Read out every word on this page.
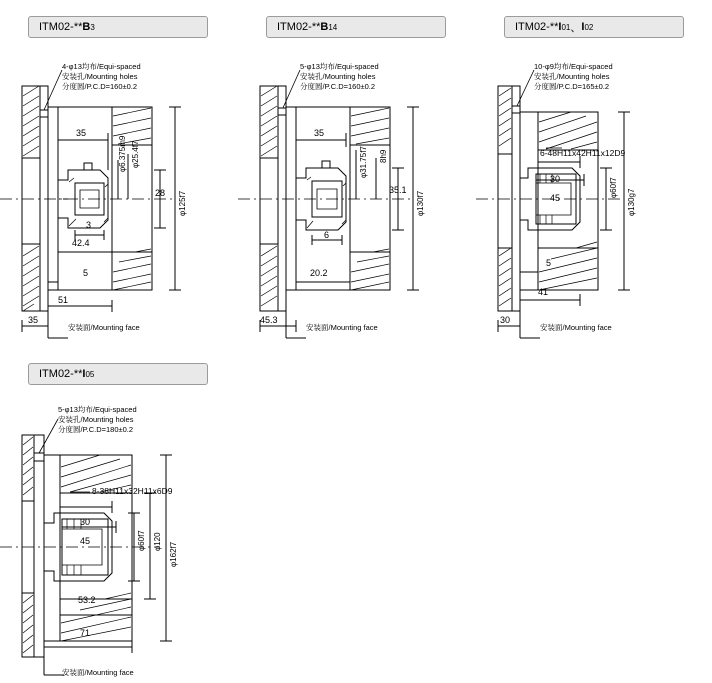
ITM02-** B 3
4-φ13均布/Equi-spaced
安装孔/Mounting holes
分度圆/P.C.D=160±0.2
35
φ6.375m9 φ25.4f7
28 φ125f7
3
42.4
5
51
35
安装面/Mounting face
ITM02-** B 14
5-φ13均布/Equi-spaced
安装孔/Mounting holes
分度圆/P.C.D=160±0.2
35
φ31.75f7 8h9
35.1
φ130f7
6
20.2
45.3
安装面/Mounting face
ITM02-** I 01 、 I 02
10-φ9均布/Equi-spaced
安装孔/Mounting holes
分度圆/P.C.D=165±0.2
6-48H11x42H11x12D9
30
45	φ60f7
φ130g7
5
41
30
安装面/Mounting face
ITM02-** I 05
5-φ13均布/Equi-spaced
安装孔/Mounting holes
分度圆/P.C.D=180±0.2
8-38H11x32H11x6D9
30
45	φ60f7 φ120
φ162f7
53.2
71
安装面/Mounting face
